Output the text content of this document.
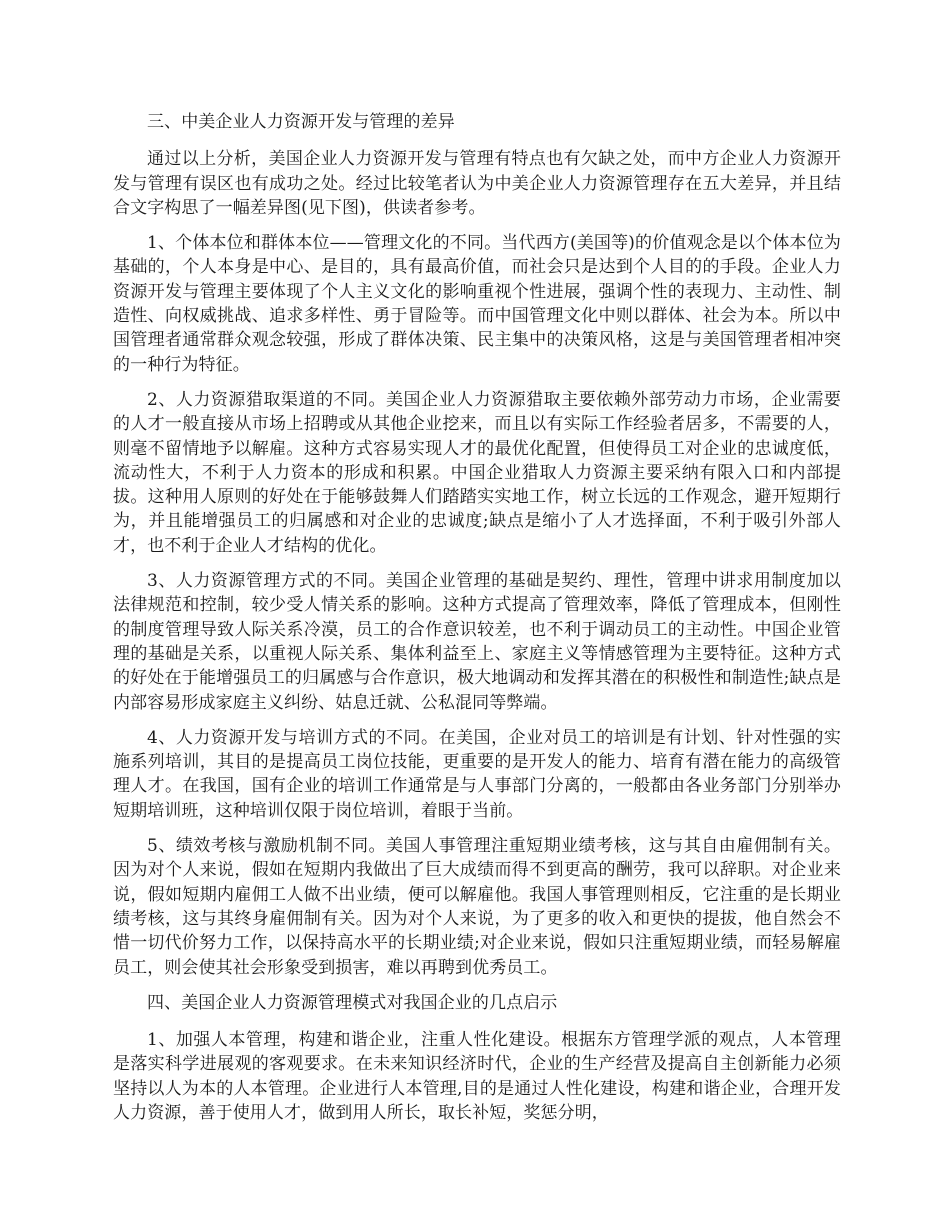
三、中美企业人力资源开发与管理的差异

通过以上分析，美国企业人力资源开发与管理有特点也有欠缺之处，而中方企业人力资源开发与管理有误区也有成功之处。经过比较笔者认为中美企业人力资源管理存在五大差异，并且结合文字构思了一幅差异图(见下图)，供读者参考。

1、个体本位和群体本位——管理文化的不同。当代西方(美国等)的价值观念是以个体本位为基础的，个人本身是中心、是目的，具有最高价值，而社会只是达到个人目的的手段。企业人力资源开发与管理主要体现了个人主义文化的影响重视个性进展，强调个性的表现力、主动性、制造性、向权威挑战、追求多样性、勇于冒险等。而中国管理文化中则以群体、社会为本。所以中国管理者通常群众观念较强，形成了群体决策、民主集中的决策风格，这是与美国管理者相冲突的一种行为特征。

2、人力资源猎取渠道的不同。美国企业人力资源猎取主要依赖外部劳动力市场，企业需要的人才一般直接从市场上招聘或从其他企业挖来，而且以有实际工作经验者居多，不需要的人，则毫不留情地予以解雇。这种方式容易实现人才的最优化配置，但使得员工对企业的忠诚度低，流动性大，不利于人力资本的形成和积累。中国企业猎取人力资源主要采纳有限入口和内部提拔。这种用人原则的好处在于能够鼓舞人们踏踏实实地工作，树立长远的工作观念，避开短期行为，并且能增强员工的归属感和对企业的忠诚度;缺点是缩小了人才选择面，不利于吸引外部人才，也不利于企业人才结构的优化。

3、人力资源管理方式的不同。美国企业管理的基础是契约、理性，管理中讲求用制度加以法律规范和控制，较少受人情关系的影响。这种方式提高了管理效率，降低了管理成本，但刚性的制度管理导致人际关系冷漠，员工的合作意识较差，也不利于调动员工的主动性。中国企业管理的基础是关系，以重视人际关系、集体利益至上、家庭主义等情感管理为主要特征。这种方式的好处在于能增强员工的归属感与合作意识，极大地调动和发挥其潜在的积极性和制造性;缺点是内部容易形成家庭主义纠纷、姑息迁就、公私混同等弊端。

4、人力资源开发与培训方式的不同。在美国，企业对员工的培训是有计划、针对性强的实施系列培训，其目的是提高员工岗位技能，更重要的是开发人的能力、培育有潜在能力的高级管理人才。在我国，国有企业的培训工作通常是与人事部门分离的，一般都由各业务部门分别举办短期培训班，这种培训仅限于岗位培训，着眼于当前。

5、绩效考核与激励机制不同。美国人事管理注重短期业绩考核，这与其自由雇佣制有关。因为对个人来说，假如在短期内我做出了巨大成绩而得不到更高的酬劳，我可以辞职。对企业来说，假如短期内雇佣工人做不出业绩，便可以解雇他。我国人事管理则相反，它注重的是长期业绩考核，这与其终身雇佣制有关。因为对个人来说，为了更多的收入和更快的提拔，他自然会不惜一切代价努力工作，以保持高水平的长期业绩;对企业来说，假如只注重短期业绩，而轻易解雇员工，则会使其社会形象受到损害，难以再聘到优秀员工。

四、美国企业人力资源管理模式对我国企业的几点启示

1、加强人本管理，构建和谐企业，注重人性化建设。根据东方管理学派的观点，人本管理是落实科学进展观的客观要求。在未来知识经济时代，企业的生产经营及提高自主创新能力必须坚持以人为本的人本管理。企业进行人本管理,目的是通过人性化建设，构建和谐企业，合理开发人力资源，善于使用人才，做到用人所长，取长补短，奖惩分明，
